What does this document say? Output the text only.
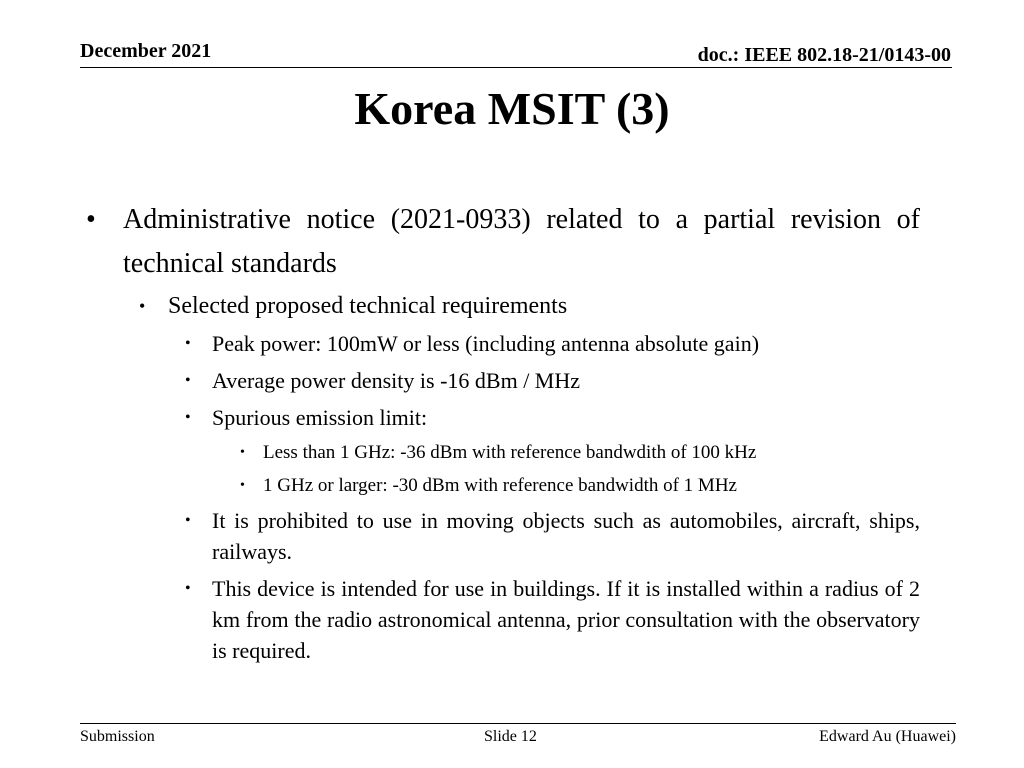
December 2021	doc.: IEEE 802.18-21/0143-00
Korea MSIT (3)

• Administrative notice (2021-0933) related to a partial revision of technical standards

• Selected proposed technical requirements

• Peak power: 100mW or less (including antenna absolute gain)

• Average power density is -16 dBm / MHz

• Spurious emission limit:

• Less than 1 GHz: -36 dBm with reference bandwdith of 100 kHz

• 1 GHz or larger: -30 dBm with reference bandwidth of 1 MHz

• It is prohibited to use in moving objects such as automobiles, aircraft, ships, railways.

• This device is intended for use in buildings. If it is installed within a radius of 2 km from the radio astronomical antenna, prior consultation with the observatory is required.

Submission	Slide 12	Edward Au (Huawei)
